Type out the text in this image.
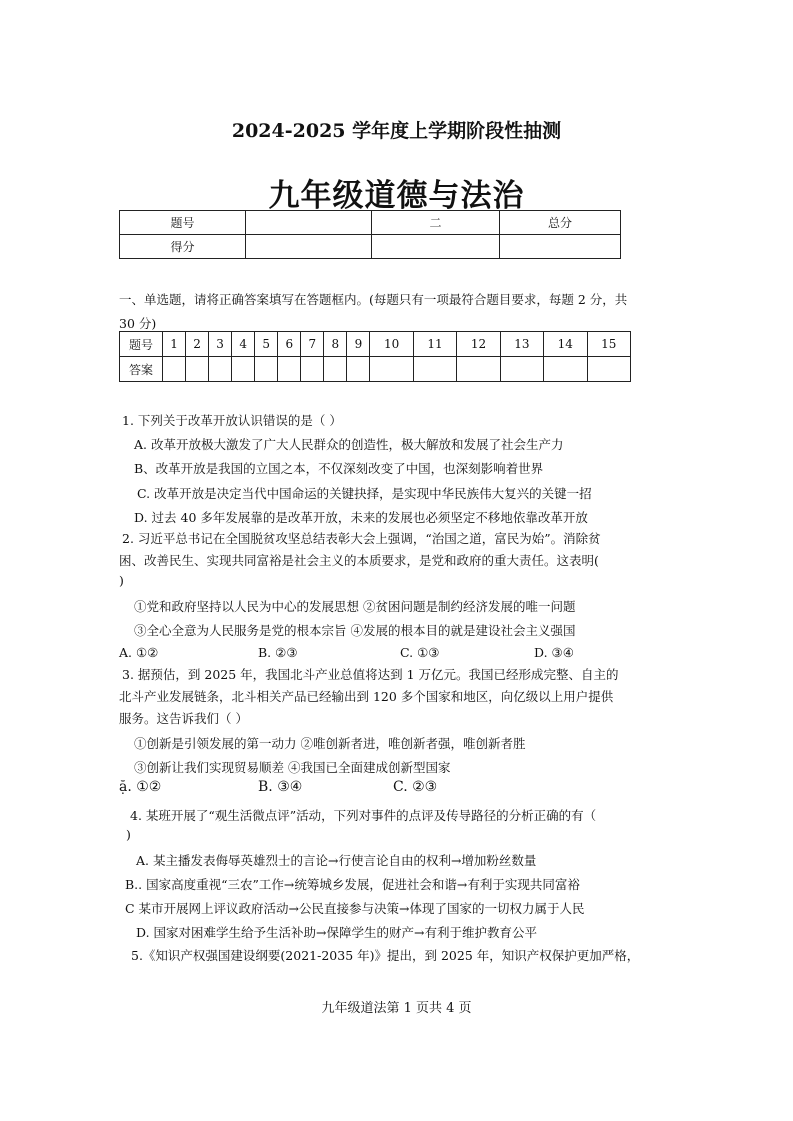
2024-2025 学年度上学期阶段性抽测
九年级道德与法治
题号		二	总分
得分			
一、单选题，请将正确答案填写在答题框内。(每题只有一项最符合题目要求，每题 2 分，共
30 分)
题号	1	2	3	4	5	6	7	8	9	10	11	12	13	14	15
答案															
1. 下列关于改革开放认识错误的是（ ）
A. 改革开放极大激发了广大人民群众的创造性，极大解放和发展了社会生产力
B、改革开放是我国的立国之本，不仅深刻改变了中国，也深刻影响着世界
C. 改革开放是决定当代中国命运的关键抉择，是实现中华民族伟大复兴的关键一招
D. 过去 40 多年发展靠的是改革开放，未来的发展也必须坚定不移地依靠改革开放
2. 习近平总书记在全国脱贫攻坚总结表彰大会上强调，“治国之道，富民为始”。消除贫
困、改善民生、实现共同富裕是社会主义的本质要求，是党和政府的重大责任。这表明(
)
①党和政府坚持以人民为中心的发展思想 ②贫困问题是制约经济发展的唯一问题
③全心全意为人民服务是党的根本宗旨 ④发展的根本目的就是建设社会主义强国
A. ①②	B. ②③	C. ①③	D. ③④
3. 据预估，到 2025 年，我国北斗产业总值将达到 1 万亿元。我国已经形成完整、自主的
北斗产业发展链条，北斗相关产品已经输出到 120 多个国家和地区，向亿级以上用户提供
服务。这告诉我们（ ）
①创新是引领发展的第一动力 ②唯创新者进，唯创新者强，唯创新者胜
③创新让我们实现贸易顺差 ④我国已全面建成创新型国家
ặ. ①②	B. ③④	C. ②③
4. 某班开展了“观生活微点评”活动，下列对事件的点评及传导路径的分析正确的有（
)
A. 某主播发表侮辱英雄烈士的言论→行使言论自由的权利→增加粉丝数量
B.. 国家高度重视“三农”工作→统筹城乡发展，促进社会和谐→有利于实现共同富裕
C 某市开展网上评议政府活动→公民直接参与决策→体现了国家的一切权力属于人民
D. 国家对困难学生给予生活补助→保障学生的财产→有利于维护教育公平
5.《知识产权强国建设纲要(2021-2035 年)》提出，到 2025 年，知识产权保护更加严格，
九年级道法第 1 页共 4 页
